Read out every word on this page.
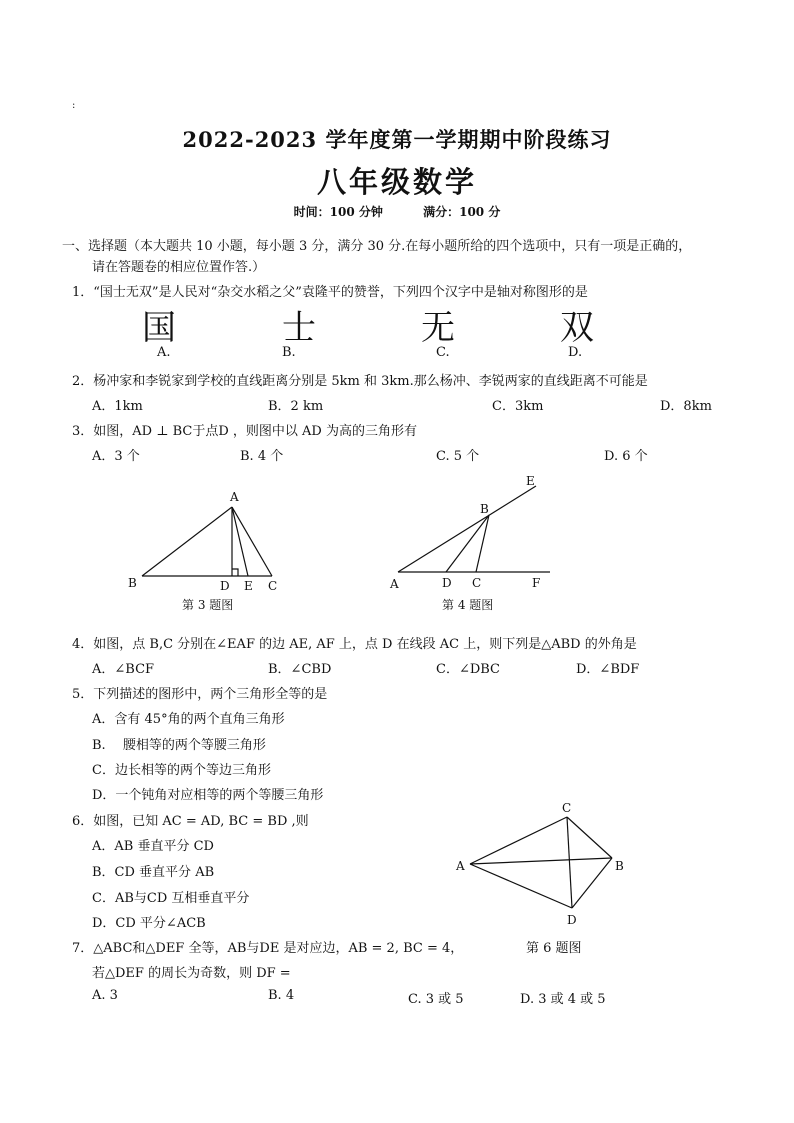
:
2022-2023 学年度第一学期期中阶段练习
八年级数学
时间：100 分钟	满分：100 分
一、选择题（本大题共 10 小题，每小题 3 分，满分 30 分.在每小题所给的四个选项中，只有一项是正确的，
请在答题卷的相应位置作答.）
1．“国士无双”是人民对“杂交水稻之父”袁隆平的赞誉，下列四个汉字中是轴对称图形的是
国	士	无	双
A.	B.	C.	D.
2．杨冲家和李锐家到学校的直线距离分别是 5km 和 3km.那么杨冲、李锐两家的直线距离不可能是
A．1km	B．2 km	C．3km	D．8km
3．如图，AD ⊥ BC于点D ，则图中以 AD 为高的三角形有
A．3 个	B. 4 个	C. 5 个	D. 6 个
A
B	D E C
第 3 题图
E
B
A	D C	F
第 4 题图
4．如图，点 B,C 分别在∠EAF 的边 AE, AF 上，点 D 在线段 AC 上，则下列是△ABD 的外角是
A．∠BCF	B．∠CBD	C．∠DBC	D．∠BDF
5．下列描述的图形中，两个三角形全等的是
A．含有 45°角的两个直角三角形
B.　 腰相等的两个等腰三角形
C．边长相等的两个等边三角形
D．一个钝角对应相等的两个等腰三角形
6．如图，已知 AC = AD, BC = BD ,则
A．AB 垂直平分 CD
B．CD 垂直平分 AB
C．AB与CD 互相垂直平分
D．CD 平分∠ACB
C
A	B
D
7．△ABC和△DEF 全等，AB与DE 是对应边，AB = 2, BC = 4，	第 6 题图
若△DEF 的周长为奇数，则 DF =
A. 3	B. 4	C. 3 或 5	D. 3 或 4 或 5
